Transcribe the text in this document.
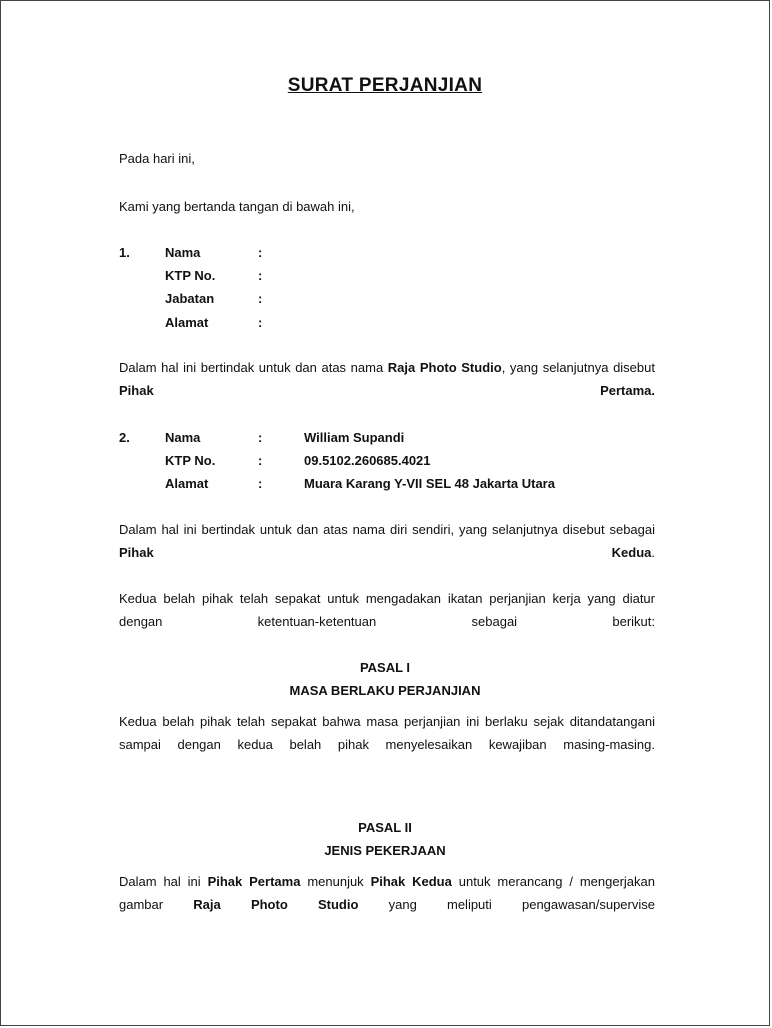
SURAT PERJANJIAN
Pada hari ini,
Kami yang bertanda tangan di bawah ini,
1.	Nama	:
KTP No.	:
Jabatan	:
Alamat	:
Dalam hal ini bertindak untuk dan atas nama Raja Photo Studio, yang selanjutnya disebut Pihak Pertama.
2.	Nama	:	William Supandi
KTP No.	:	09.5102.260685.4021
Alamat	:	Muara Karang Y-VII SEL 48 Jakarta Utara
Dalam hal ini bertindak untuk dan atas nama diri sendiri, yang selanjutnya disebut sebagai Pihak Kedua.
Kedua belah pihak telah sepakat untuk mengadakan ikatan perjanjian kerja yang diatur dengan ketentuan-ketentuan sebagai berikut:
PASAL I
MASA BERLAKU PERJANJIAN
Kedua belah pihak telah sepakat bahwa masa perjanjian ini berlaku sejak ditandatangani sampai dengan kedua belah pihak menyelesaikan kewajiban masing-masing.
PASAL II
JENIS PEKERJAAN
Dalam hal ini Pihak Pertama menunjuk Pihak Kedua untuk merancang / mengerjakan gambar Raja Photo Studio yang meliputi pengawasan/supervise
